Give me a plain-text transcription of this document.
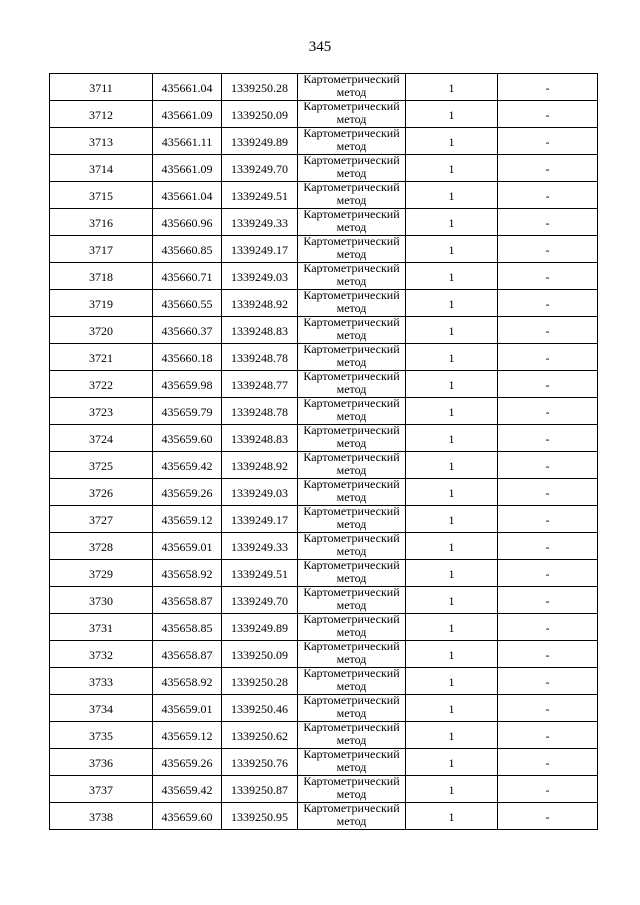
345
3711	435661.04	1339250.28	Картометрический метод	1	-
3712	435661.09	1339250.09	Картометрический метод	1	-
3713	435661.11	1339249.89	Картометрический метод	1	-
3714	435661.09	1339249.70	Картометрический метод	1	-
3715	435661.04	1339249.51	Картометрический метод	1	-
3716	435660.96	1339249.33	Картометрический метод	1	-
3717	435660.85	1339249.17	Картометрический метод	1	-
3718	435660.71	1339249.03	Картометрический метод	1	-
3719	435660.55	1339248.92	Картометрический метод	1	-
3720	435660.37	1339248.83	Картометрический метод	1	-
3721	435660.18	1339248.78	Картометрический метод	1	-
3722	435659.98	1339248.77	Картометрический метод	1	-
3723	435659.79	1339248.78	Картометрический метод	1	-
3724	435659.60	1339248.83	Картометрический метод	1	-
3725	435659.42	1339248.92	Картометрический метод	1	-
3726	435659.26	1339249.03	Картометрический метод	1	-
3727	435659.12	1339249.17	Картометрический метод	1	-
3728	435659.01	1339249.33	Картометрический метод	1	-
3729	435658.92	1339249.51	Картометрический метод	1	-
3730	435658.87	1339249.70	Картометрический метод	1	-
3731	435658.85	1339249.89	Картометрический метод	1	-
3732	435658.87	1339250.09	Картометрический метод	1	-
3733	435658.92	1339250.28	Картометрический метод	1	-
3734	435659.01	1339250.46	Картометрический метод	1	-
3735	435659.12	1339250.62	Картометрический метод	1	-
3736	435659.26	1339250.76	Картометрический метод	1	-
3737	435659.42	1339250.87	Картометрический метод	1	-
3738	435659.60	1339250.95	Картометрический метод	1	-
